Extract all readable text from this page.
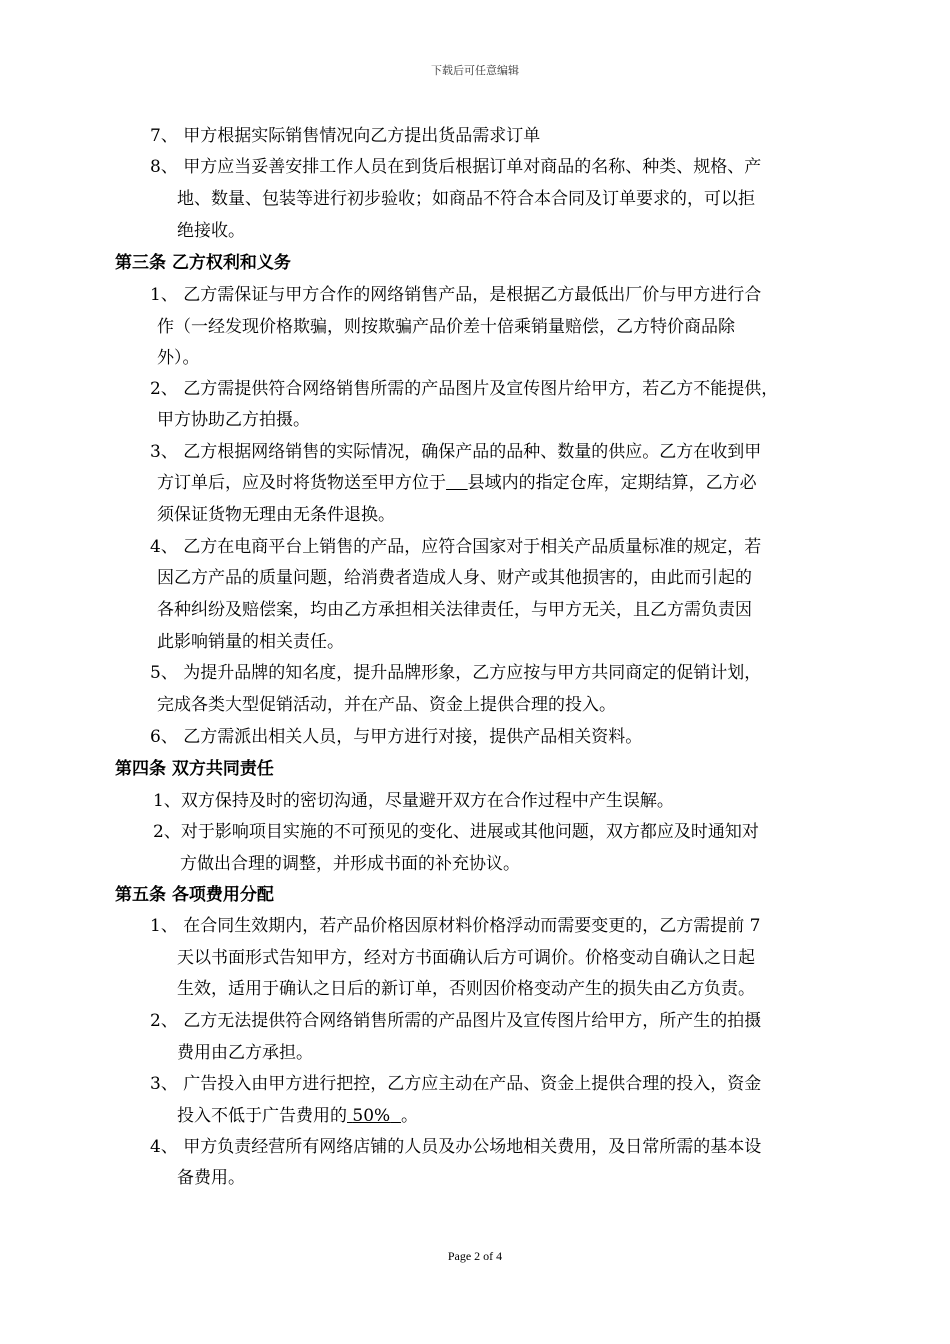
下载后可任意编辑
7、 甲方根据实际销售情况向乙方提出货品需求订单
8、 甲方应当妥善安排工作人员在到货后根据订单对商品的名称、种类、规格、产
地、数量、包装等进行初步验收；如商品不符合本合同及订单要求的，可以拒
绝接收。
第三条 乙方权利和义务
1、 乙方需保证与甲方合作的网络销售产品，是根据乙方最低出厂价与甲方进行合
作（一经发现价格欺骗，则按欺骗产品价差十倍乘销量赔偿，乙方特价商品除
外）。
2、 乙方需提供符合网络销售所需的产品图片及宣传图片给甲方，若乙方不能提供，
甲方协助乙方拍摄。
3、 乙方根据网络销售的实际情况，确保产品的品种、数量的供应。乙方在收到甲
方订单后，应及时将货物送至甲方位于 县域内的指定仓库，定期结算，乙方必
须保证货物无理由无条件退换。
4、 乙方在电商平台上销售的产品，应符合国家对于相关产品质量标准的规定，若
因乙方产品的质量问题，给消费者造成人身、财产或其他损害的，由此而引起的
各种纠纷及赔偿案，均由乙方承担相关法律责任，与甲方无关，且乙方需负责因
此影响销量的相关责任。
5、 为提升品牌的知名度，提升品牌形象，乙方应按与甲方共同商定的促销计划，
完成各类大型促销活动，并在产品、资金上提供合理的投入。
6、 乙方需派出相关人员，与甲方进行对接，提供产品相关资料。
第四条 双方共同责任
1、双方保持及时的密切沟通，尽量避开双方在合作过程中产生误解。
2、对于影响项目实施的不可预见的变化、进展或其他问题，双方都应及时通知对
方做出合理的调整，并形成书面的补充协议。
第五条 各项费用分配
1、 在合同生效期内，若产品价格因原材料价格浮动而需要变更的，乙方需提前 7
天以书面形式告知甲方，经对方书面确认后方可调价。价格变动自确认之日起
生效，适用于确认之日后的新订单，否则因价格变动产生的损失由乙方负责。
2、 乙方无法提供符合网络销售所需的产品图片及宣传图片给甲方，所产生的拍摄
费用由乙方承担。
3、 广告投入由甲方进行把控，乙方应主动在产品、资金上提供合理的投入，资金
投入不低于广告费用的 50% 。
4、 甲方负责经营所有网络店铺的人员及办公场地相关费用，及日常所需的基本设
备费用。
Page 2 of 4
